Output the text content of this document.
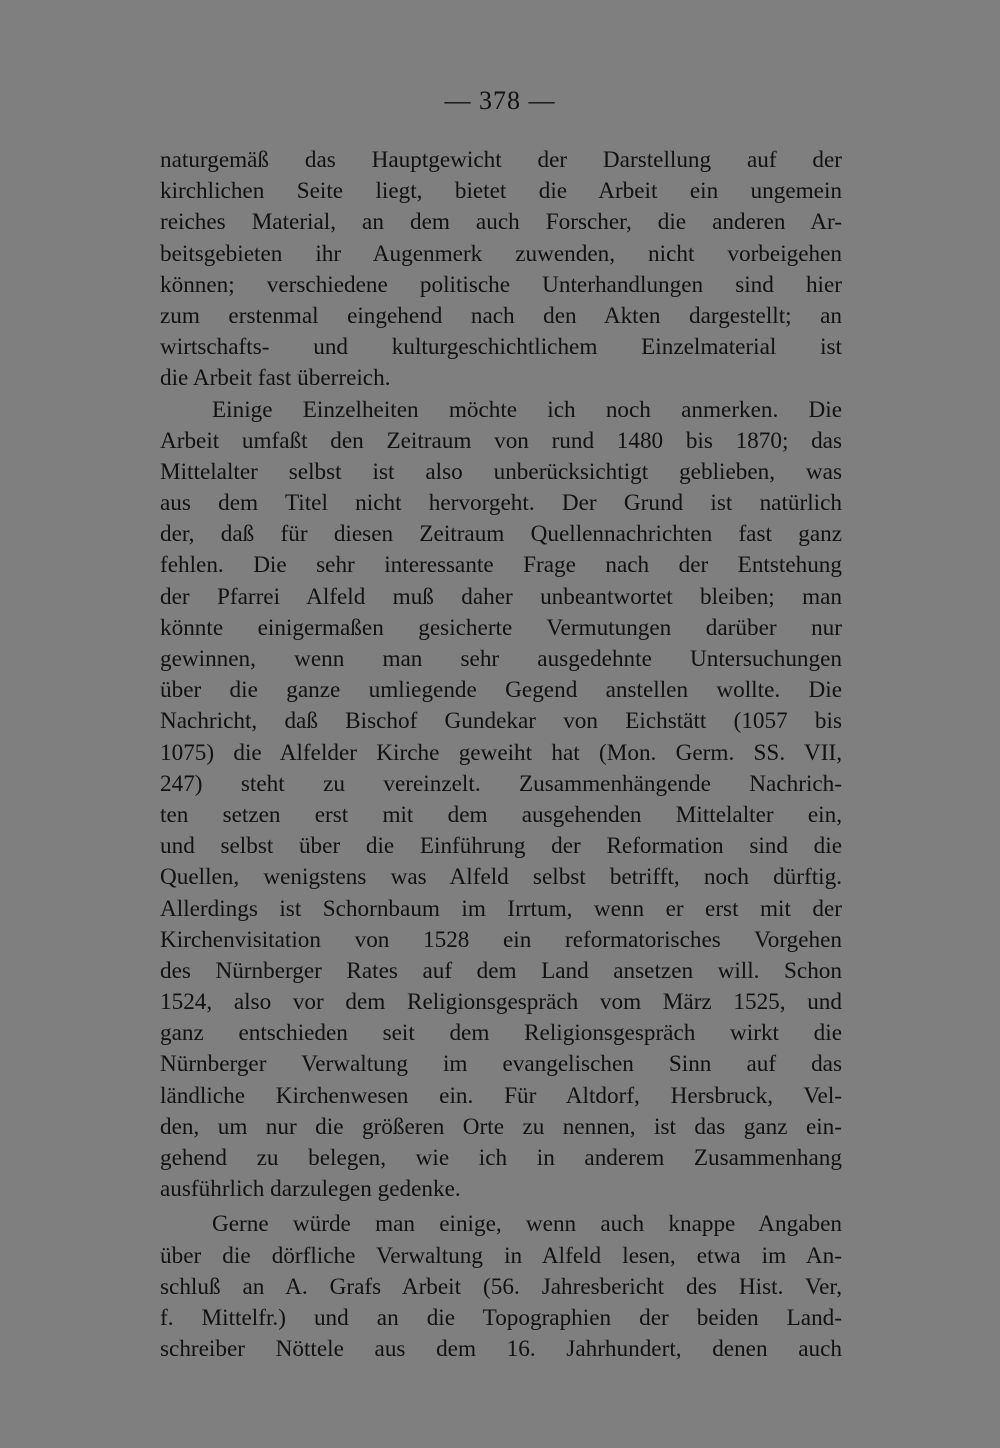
— 378 —
naturgemäß das Hauptgewicht der Darstellung auf der
kirchlichen Seite liegt, bietet die Arbeit ein ungemein
reiches Material, an dem auch Forscher, die anderen Ar-
beitsgebieten ihr Augenmerk zuwenden, nicht vorbeigehen
können; verschiedene politische Unterhandlungen sind hier
zum erstenmal eingehend nach den Akten dargestellt; an
wirtschafts- und kulturgeschichtlichem Einzelmaterial ist
die Arbeit fast überreich.
Einige Einzelheiten möchte ich noch anmerken. Die
Arbeit umfaßt den Zeitraum von rund 1480 bis 1870; das
Mittelalter selbst ist also unberücksichtigt geblieben, was
aus dem Titel nicht hervorgeht. Der Grund ist natürlich
der, daß für diesen Zeitraum Quellennachrichten fast ganz
fehlen. Die sehr interessante Frage nach der Entstehung
der Pfarrei Alfeld muß daher unbeantwortet bleiben; man
könnte einigermaßen gesicherte Vermutungen darüber nur
gewinnen, wenn man sehr ausgedehnte Untersuchungen
über die ganze umliegende Gegend anstellen wollte. Die
Nachricht, daß Bischof Gundekar von Eichstätt (1057 bis
1075) die Alfelder Kirche geweiht hat (Mon. Germ. SS. VII,
247) steht zu vereinzelt. Zusammenhängende Nachrich-
ten setzen erst mit dem ausgehenden Mittelalter ein,
und selbst über die Einführung der Reformation sind die
Quellen, wenigstens was Alfeld selbst betrifft, noch dürftig.
Allerdings ist Schornbaum im Irrtum, wenn er erst mit der
Kirchenvisitation von 1528 ein reformatorisches Vorgehen
des Nürnberger Rates auf dem Land ansetzen will. Schon
1524, also vor dem Religionsgespräch vom März 1525, und
ganz entschieden seit dem Religionsgespräch wirkt die
Nürnberger Verwaltung im evangelischen Sinn auf das
ländliche Kirchenwesen ein. Für Altdorf, Hersbruck, Vel-
den, um nur die größeren Orte zu nennen, ist das ganz ein-
gehend zu belegen, wie ich in anderem Zusammenhang
ausführlich darzulegen gedenke.
Gerne würde man einige, wenn auch knappe Angaben
über die dörfliche Verwaltung in Alfeld lesen, etwa im An-
schluß an A. Grafs Arbeit (56. Jahresbericht des Hist. Ver,
f. Mittelfr.) und an die Topographien der beiden Land-
schreiber Nöttele aus dem 16. Jahrhundert, denen auch
